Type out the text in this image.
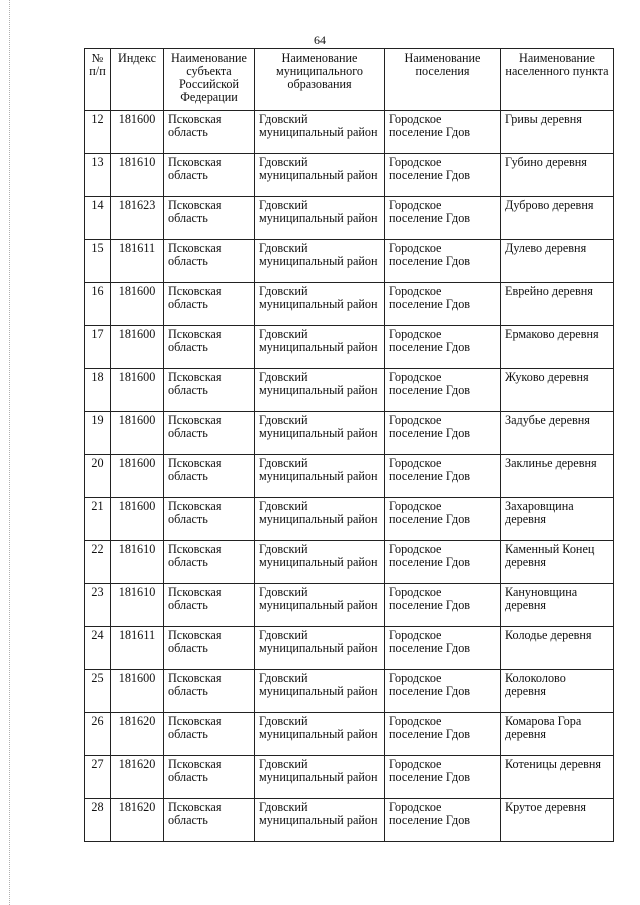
64
№ п/п	Индекс	Наименование субъекта Российской Федерации	Наименование муниципального образования	Наименование поселения	Наименование населенного пункта
12	181600	Псковская область	Гдовский муниципальный район	Городское поселение Гдов	Гривы деревня
13	181610	Псковская область	Гдовский муниципальный район	Городское поселение Гдов	Губино деревня
14	181623	Псковская область	Гдовский муниципальный район	Городское поселение Гдов	Дуброво деревня
15	181611	Псковская область	Гдовский муниципальный район	Городское поселение Гдов	Дулево деревня
16	181600	Псковская область	Гдовский муниципальный район	Городское поселение Гдов	Еврейно деревня
17	181600	Псковская область	Гдовский муниципальный район	Городское поселение Гдов	Ермаково деревня
18	181600	Псковская область	Гдовский муниципальный район	Городское поселение Гдов	Жуково деревня
19	181600	Псковская область	Гдовский муниципальный район	Городское поселение Гдов	Задубье деревня
20	181600	Псковская область	Гдовский муниципальный район	Городское поселение Гдов	Заклинье деревня
21	181600	Псковская область	Гдовский муниципальный район	Городское поселение Гдов	Захаровщина деревня
22	181610	Псковская область	Гдовский муниципальный район	Городское поселение Гдов	Каменный Конец деревня
23	181610	Псковская область	Гдовский муниципальный район	Городское поселение Гдов	Кануновщина деревня
24	181611	Псковская область	Гдовский муниципальный район	Городское поселение Гдов	Колодье деревня
25	181600	Псковская область	Гдовский муниципальный район	Городское поселение Гдов	Колоколово деревня
26	181620	Псковская область	Гдовский муниципальный район	Городское поселение Гдов	Комарова Гора деревня
27	181620	Псковская область	Гдовский муниципальный район	Городское поселение Гдов	Котеницы деревня
28	181620	Псковская область	Гдовский муниципальный район	Городское поселение Гдов	Крутое деревня
